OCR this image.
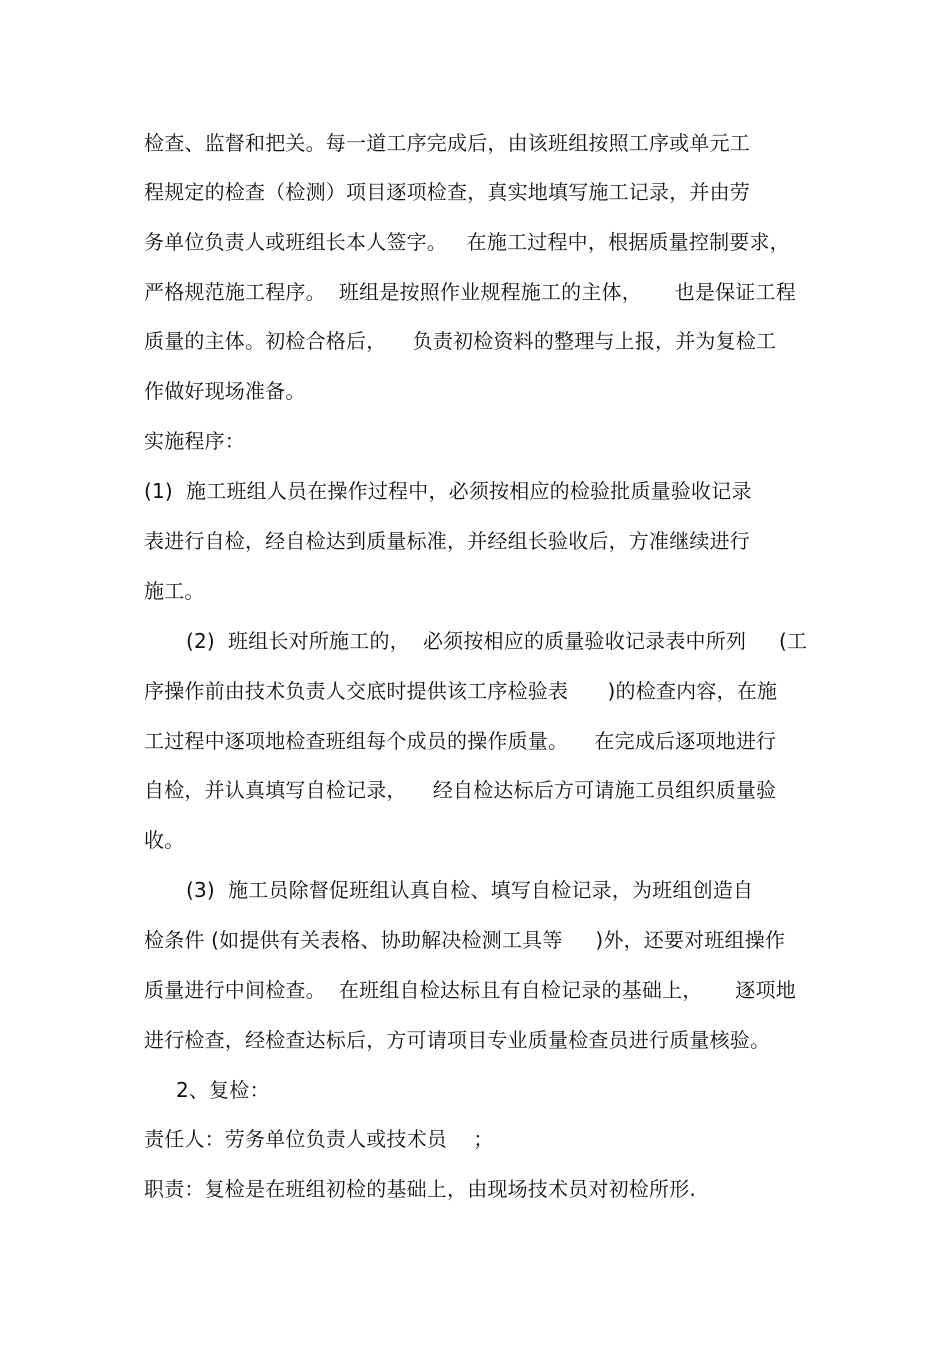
检查、监督和把关。每一道工序完成后，由该班组按照工序或单元工
程规定的检查（检测）项目逐项检查，真实地填写施工记录，并由劳
务单位负责人或班组长本人签字。   在施工过程中，根据质量控制要求，
严格规范施工程序。  班组是按照作业规程施工的主体，     也是保证工程
质量的主体。初检合格后，    负责初检资料的整理与上报，并为复检工
作做好现场准备。
实施程序：
(1)  施工班组人员在操作过程中，必须按相应的检验批质量验收记录
表进行自检，经自检达到质量标准，并经组长验收后，方准继续进行
施工。
(2)  班组长对所施工的，  必须按相应的质量验收记录表中所列     (工
序操作前由技术负责人交底时提供该工序检验表      )的检查内容，在施
工过程中逐项地检查班组每个成员的操作质量。    在完成后逐项地进行
自检，并认真填写自检记录，    经自检达标后方可请施工员组织质量验
收。
(3)  施工员除督促班组认真自检、填写自检记录，为班组创造自
检条件 (如提供有关表格、协助解决检测工具等     )外，还要对班组操作
质量进行中间检查。  在班组自检达标且有自检记录的基础上，     逐项地
进行检查，经检查达标后，方可请项目专业质量检查员进行质量核验。
2、复检：
责任人：劳务单位负责人或技术员    ；
职责：复检是在班组初检的基础上，由现场技术员对初检所形.
